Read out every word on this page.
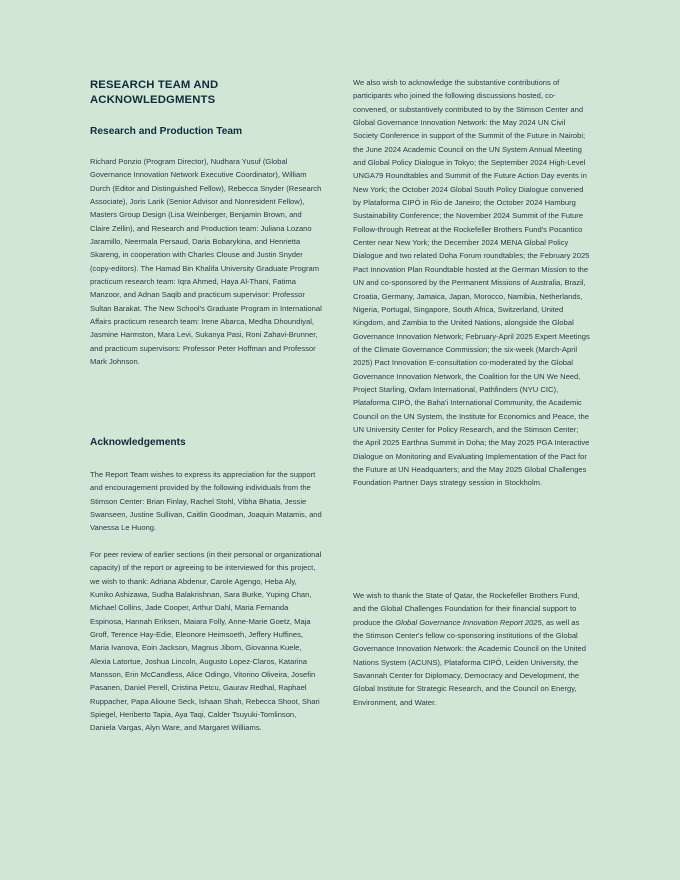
RESEARCH TEAM AND ACKNOWLEDGMENTS
Research and Production Team

Richard Ponzio (Program Director), Nudhara Yusuf (Global Governance Innovation Network Executive Coordinator), William Durch (Editor and Distinguished Fellow), Rebecca Snyder (Research Associate), Joris Larik (Senior Advisor and Nonresident Fellow), Masters Group Design (Lisa Weinberger, Benjamin Brown, and Claire Zellin), and Research and Production team: Juliana Lozano Jaramillo, Neermala Persaud, Daria Bobarykina, and Henrietta Skareng, in cooperation with Charles Clouse and Justin Snyder (copy-editors). The Hamad Bin Khalifa University Graduate Program practicum research team: Iqra Ahmed, Haya Al-Thani, Fatima Manzoor, and Adnan Saqib and practicum supervisor: Professor Sultan Barakat. The New School's Graduate Program in International Affairs practicum research team: Irene Abarca, Medha Dhoundiyal, Jasmine Harmston, Mara Levi, Sukanya Pasi, Roni Zahavi-Brunner, and practicum supervisors: Professor Peter Hoffman and Professor Mark Johnson.

Acknowledgements

The Report Team wishes to express its appreciation for the support and encouragement provided by the following individuals from the Stimson Center: Brian Finlay, Rachel Stohl, Vibha Bhatia, Jessie Swanseen, Justine Sullivan, Caitlin Goodman, Joaquin Matamis, and Vanessa Le Huong.

For peer review of earlier sections (in their personal or organizational capacity) of the report or agreeing to be interviewed for this project, we wish to thank: Adriana Abdenur, Carole Agengo, Heba Aly, Kuniko Ashizawa, Sudha Balakrishnan, Sara Burke, Yuping Chan, Michael Collins, Jade Cooper, Arthur Dahl, Maria Fernanda Espinosa, Hannah Eriksen, Maiara Folly, Anne-Marie Goetz, Maja Groff, Terence Hay-Edie, Eleonore Heimsoeth, Jeffery Huffines, Maria Ivanova, Eoin Jackson, Magnus Jiborn, Giovanna Kuele, Alexia Latortue, Joshua Lincoln, Augusto Lopez-Claros, Katarina Mansson, Erin McCandless, Alice Odingo, Vitorino Oliveira, Josefin Pasanen, Daniel Perell, Cristina Petcu, Gaurav Redhal, Raphael Ruppacher, Papa Alioune Seck, Ishaan Shah, Rebecca Shoot, Shari Spiegel, Heriberto Tapia, Aya Taqi, Calder Tsuyuki-Tomlinson, Daniela Vargas, Alyn Ware, and Margaret Williams.

We also wish to acknowledge the substantive contributions of participants who joined the following discussions hosted, co-convened, or substantively contributed to by the Stimson Center and Global Governance Innovation Network: the May 2024 UN Civil Society Conference in support of the Summit of the Future in Nairobi; the June 2024 Academic Council on the UN System Annual Meeting and Global Policy Dialogue in Tokyo; the September 2024 High-Level UNGA79 Roundtables and Summit of the Future Action Day events in New York; the October 2024 Global South Policy Dialogue convened by Plataforma CIPÓ in Rio de Janeiro; the October 2024 Hamburg Sustainability Conference; the November 2024 Summit of the Future Follow-through Retreat at the Rockefeller Brothers Fund's Pocantico Center near New York; the December 2024 MENA Global Policy Dialogue and two related Doha Forum roundtables; the February 2025 Pact Innovation Plan Roundtable hosted at the German Mission to the UN and co-sponsored by the Permanent Missions of Australia, Brazil, Croatia, Germany, Jamaica, Japan, Morocco, Namibia, Netherlands, Nigeria, Portugal, Singapore, South Africa, Switzerland, United Kingdom, and Zambia to the United Nations, alongside the Global Governance Innovation Network; February-April 2025 Expert Meetings of the Climate Governance Commission; the six-week (March-April 2025) Pact Innovation E-consultation co-moderated by the Global Governance Innovation Network, the Coalition for the UN We Need, Project Starling, Oxfam International, Pathfinders (NYU CIC), Plataforma CIPÓ, the Baha'i International Community, the Academic Council on the UN System, the Institute for Economics and Peace, the UN University Center for Policy Research, and the Stimson Center; the April 2025 Earthna Summit in Doha; the May 2025 PGA Interactive Dialogue on Monitoring and Evaluating Implementation of the Pact for the Future at UN Headquarters; and the May 2025 Global Challenges Foundation Partner Days strategy session in Stockholm.

We wish to thank the State of Qatar, the Rockefeller Brothers Fund, and the Global Challenges Foundation for their financial support to produce the Global Governance Innovation Report 2025, as well as the Stimson Center's fellow co-sponsoring institutions of the Global Governance Innovation Network: the Academic Council on the United Nations System (ACUNS), Plataforma CIPÓ, Leiden University, the Savannah Center for Diplomacy, Democracy and Development, the Global Institute for Strategic Research, and the Council on Energy, Environment, and Water.
